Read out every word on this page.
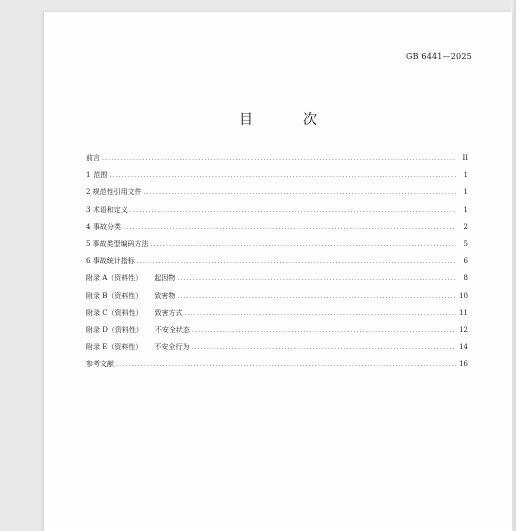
GB 6441—2025
目　次
前言 .....	II
1 范围 .....	1
2 规范性引用文件 .....	1
3 术语和定义 .....	1
4 事故分类 .....	2
5 事故类型编码方法 .....	5
6 事故统计指标 .....	6
附录 A（资料性） 起因物 .....	8
附录 B（资料性） 致害物 .....	10
附录 C（资料性） 致害方式 .....	11
附录 D（资料性） 不安全状态 .....	12
附录 E（资料性） 不安全行为 .....	14
参考文献 .....	16
